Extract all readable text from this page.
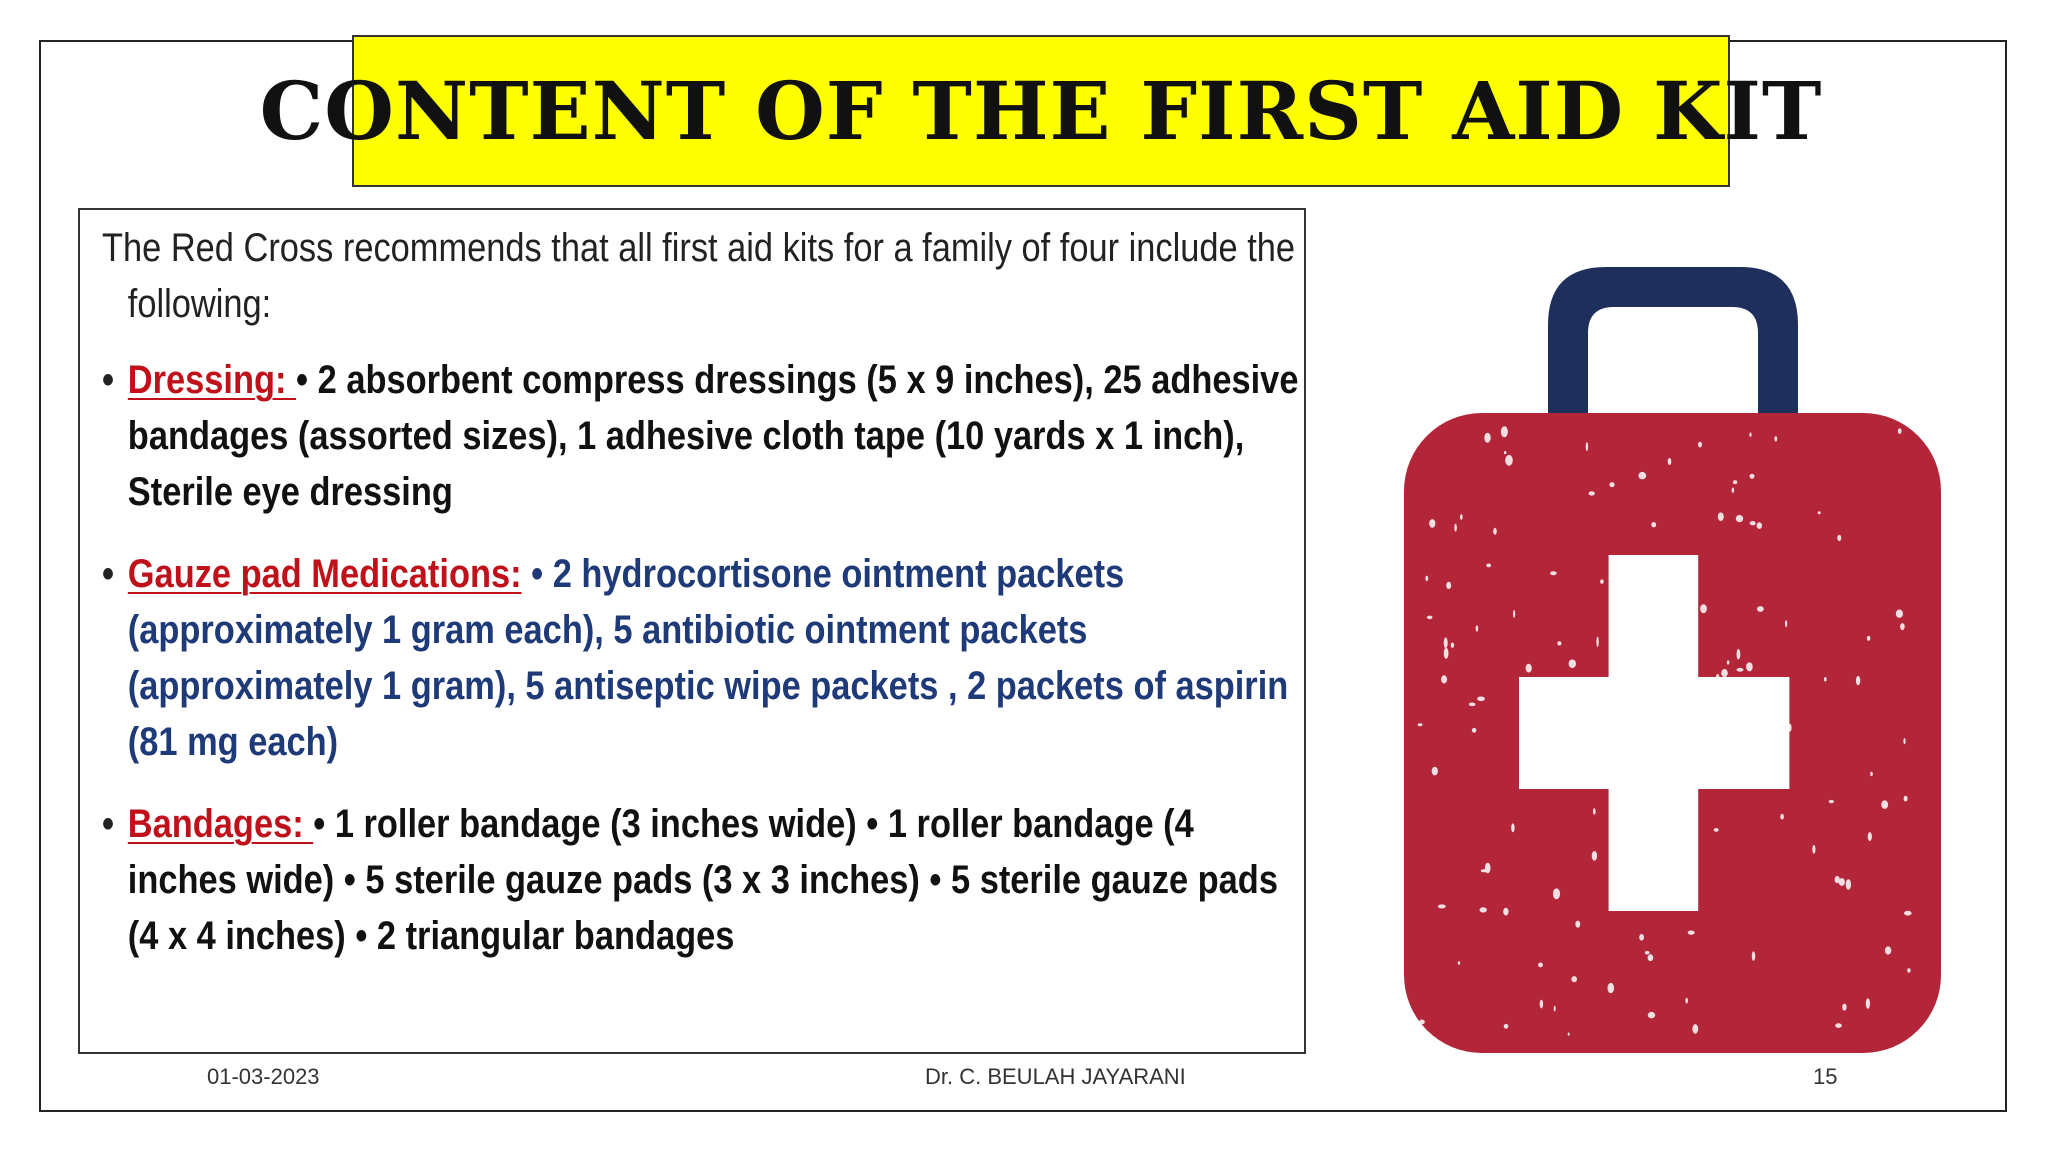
CONTENT OF THE FIRST AID KIT
The Red Cross recommends that all first aid kits for a family of four include the following:
• Dressing: • 2 absorbent compress dressings (5 x 9 inches), 25 adhesive bandages (assorted sizes), 1 adhesive cloth tape (10 yards x 1 inch), Sterile eye dressing
• Gauze pad Medications: • 2 hydrocortisone ointment packets (approximately 1 gram each), 5 antibiotic ointment packets (approximately 1 gram), 5 antiseptic wipe packets , 2 packets of aspirin (81 mg each)
• Bandages: • 1 roller bandage (3 inches wide) • 1 roller bandage (4 inches wide) • 5 sterile gauze pads (3 x 3 inches) • 5 sterile gauze pads (4 x 4 inches) • 2 triangular bandages
01-03-2023	Dr. C. BEULAH JAYARANI	15
